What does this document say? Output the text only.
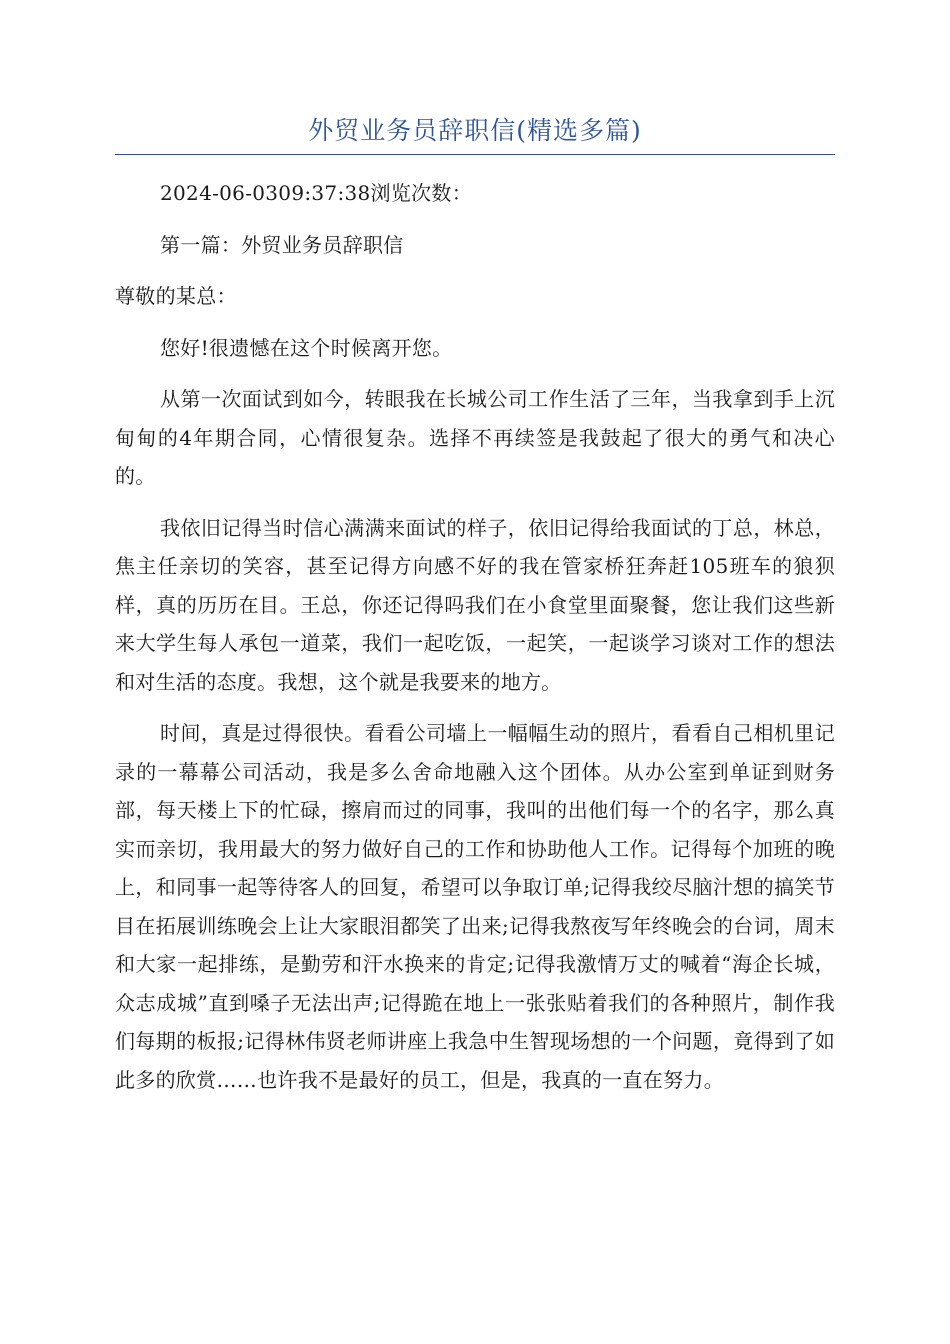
外贸业务员辞职信(精选多篇)

2024-06-0309:37:38浏览次数：

第一篇：外贸业务员辞职信

尊敬的某总：

您好!很遗憾在这个时候离开您。

从第一次面试到如今，转眼我在长城公司工作生活了三年，当我拿到手上沉甸甸的4年期合同，心情很复杂。选择不再续签是我鼓起了很大的勇气和决心的。

我依旧记得当时信心满满来面试的样子，依旧记得给我面试的丁总，林总，焦主任亲切的笑容，甚至记得方向感不好的我在管家桥狂奔赶105班车的狼狈样，真的历历在目。王总，你还记得吗我们在小食堂里面聚餐，您让我们这些新来大学生每人承包一道菜，我们一起吃饭，一起笑，一起谈学习谈对工作的想法和对生活的态度。我想，这个就是我要来的地方。

时间，真是过得很快。看看公司墙上一幅幅生动的照片，看看自己相机里记录的一幕幕公司活动，我是多么舍命地融入这个团体。从办公室到单证到财务部，每天楼上下的忙碌，擦肩而过的同事，我叫的出他们每一个的名字，那么真实而亲切，我用最大的努力做好自己的工作和协助他人工作。记得每个加班的晚上，和同事一起等待客人的回复，希望可以争取订单;记得我绞尽脑汁想的搞笑节目在拓展训练晚会上让大家眼泪都笑了出来;记得我熬夜写年终晚会的台词，周末和大家一起排练，是勤劳和汗水换来的肯定;记得我激情万丈的喊着“海企长城，众志成城”直到嗓子无法出声;记得跪在地上一张张贴着我们的各种照片，制作我们每期的板报;记得林伟贤老师讲座上我急中生智现场想的一个问题，竟得到了如此多的欣赏……也许我不是最好的员工，但是，我真的一直在努力。
